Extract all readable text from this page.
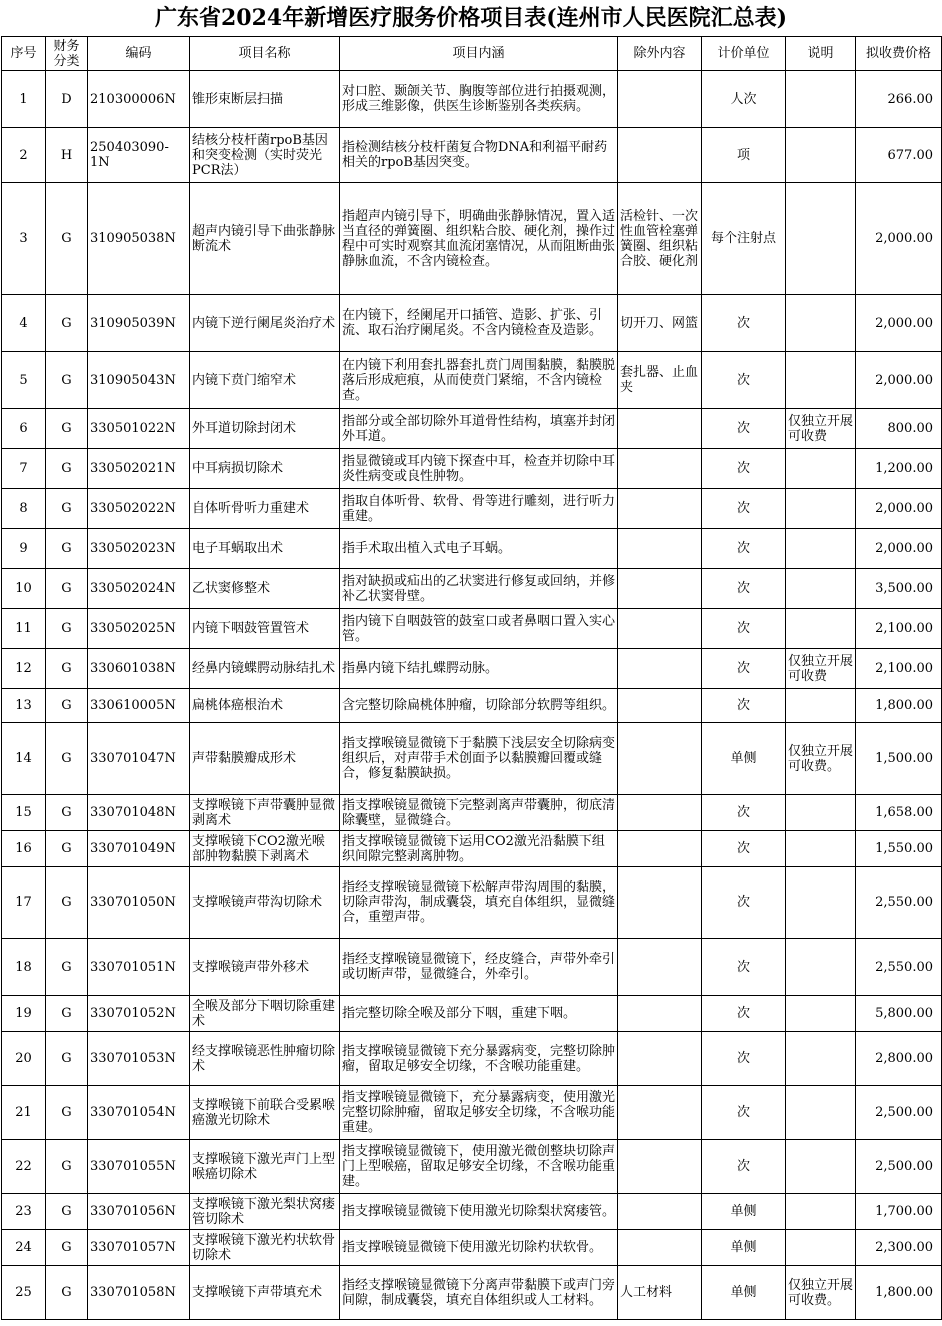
广东省2024年新增医疗服务价格项目表(连州市人民医院汇总表)
序号	财务分类	编码	项目名称	项目内涵	除外内容	计价单位	说明	拟收费价格
1	D	210300006N	锥形束断层扫描	对口腔、颞颌关节、胸腹等部位进行拍摄观测，形成三维影像，供医生诊断鉴别各类疾病。		人次		266.00
2	H	250403090-1N	结核分枝杆菌rpoB基因和突变检测（实时荧光PCR法）	指检测结核分枝杆菌复合物DNA和利福平耐药相关的rpoB基因突变。		项		677.00
3	G	310905038N	超声内镜引导下曲张静脉断流术	指超声内镜引导下，明确曲张静脉情况，置入适当直径的弹簧圈、组织粘合胶、硬化剂，操作过程中可实时观察其血流闭塞情况，从而阻断曲张静脉血流，不含内镜检查。	活检针、一次性血管栓塞弹簧圈、组织粘合胶、硬化剂	每个注射点		2,000.00
4	G	310905039N	内镜下逆行阑尾炎治疗术	在内镜下，经阑尾开口插管、造影、扩张、引流、取石治疗阑尾炎。不含内镜检查及造影。	切开刀、网篮	次		2,000.00
5	G	310905043N	内镜下贲门缩窄术	在内镜下利用套扎器套扎贲门周围黏膜，黏膜脱落后形成疤痕，从而使贲门紧缩，不含内镜检查。	套扎器、止血夹	次		2,000.00
6	G	330501022N	外耳道切除封闭术	指部分或全部切除外耳道骨性结构，填塞并封闭外耳道。		次	仅独立开展可收费	800.00
7	G	330502021N	中耳病损切除术	指显微镜或耳内镜下探查中耳，检查并切除中耳炎性病变或良性肿物。		次		1,200.00
8	G	330502022N	自体听骨听力重建术	指取自体听骨、软骨、骨等进行雕刻，进行听力重建。		次		2,000.00
9	G	330502023N	电子耳蜗取出术	指手术取出植入式电子耳蜗。		次		2,000.00
10	G	330502024N	乙状窦修整术	指对缺损或疝出的乙状窦进行修复或回纳，并修补乙状窦骨壁。		次		3,500.00
11	G	330502025N	内镜下咽鼓管置管术	指内镜下自咽鼓管的鼓室口或者鼻咽口置入实心管。		次		2,100.00
12	G	330601038N	经鼻内镜蝶腭动脉结扎术	指鼻内镜下结扎蝶腭动脉。		次	仅独立开展可收费	2,100.00
13	G	330610005N	扁桃体癌根治术	含完整切除扁桃体肿瘤，切除部分软腭等组织。		次		1,800.00
14	G	330701047N	声带黏膜瓣成形术	指支撑喉镜显微镜下于黏膜下浅层安全切除病变组织后，对声带手术创面予以黏膜瓣回覆或缝合，修复黏膜缺损。		单侧	仅独立开展可收费。	1,500.00
15	G	330701048N	支撑喉镜下声带囊肿显微剥离术	指支撑喉镜显微镜下完整剥离声带囊肿，彻底清除囊壁，显微缝合。		次		1,658.00
16	G	330701049N	支撑喉镜下CO2激光喉部肿物黏膜下剥离术	指支撑喉镜显微镜下运用CO2激光沿黏膜下组织间隙完整剥离肿物。		次		1,550.00
17	G	330701050N	支撑喉镜声带沟切除术	指经支撑喉镜显微镜下松解声带沟周围的黏膜，切除声带沟，制成囊袋，填充自体组织，显微缝合，重塑声带。		次		2,550.00
18	G	330701051N	支撑喉镜声带外移术	指经支撑喉镜显微镜下，经皮缝合，声带外牵引或切断声带，显微缝合，外牵引。		次		2,550.00
19	G	330701052N	全喉及部分下咽切除重建术	指完整切除全喉及部分下咽，重建下咽。		次		5,800.00
20	G	330701053N	经支撑喉镜恶性肿瘤切除术	指支撑喉镜显微镜下充分暴露病变，完整切除肿瘤，留取足够安全切缘，不含喉功能重建。		次		2,800.00
21	G	330701054N	支撑喉镜下前联合受累喉癌激光切除术	指支撑喉镜显微镜下，充分暴露病变，使用激光完整切除肿瘤，留取足够安全切缘，不含喉功能重建。		次		2,500.00
22	G	330701055N	支撑喉镜下激光声门上型喉癌切除术	指支撑喉镜显微镜下，使用激光微创整块切除声门上型喉癌，留取足够安全切缘，不含喉功能重建。		次		2,500.00
23	G	330701056N	支撑喉镜下激光梨状窝瘘管切除术	指支撑喉镜显微镜下使用激光切除梨状窝瘘管。		单侧		1,700.00
24	G	330701057N	支撑喉镜下激光杓状软骨切除术	指支撑喉镜显微镜下使用激光切除杓状软骨。		单侧		2,300.00
25	G	330701058N	支撑喉镜下声带填充术	指经支撑喉镜显微镜下分离声带黏膜下或声门旁间隙，制成囊袋，填充自体组织或人工材料。	人工材料	单侧	仅独立开展可收费。	1,800.00
